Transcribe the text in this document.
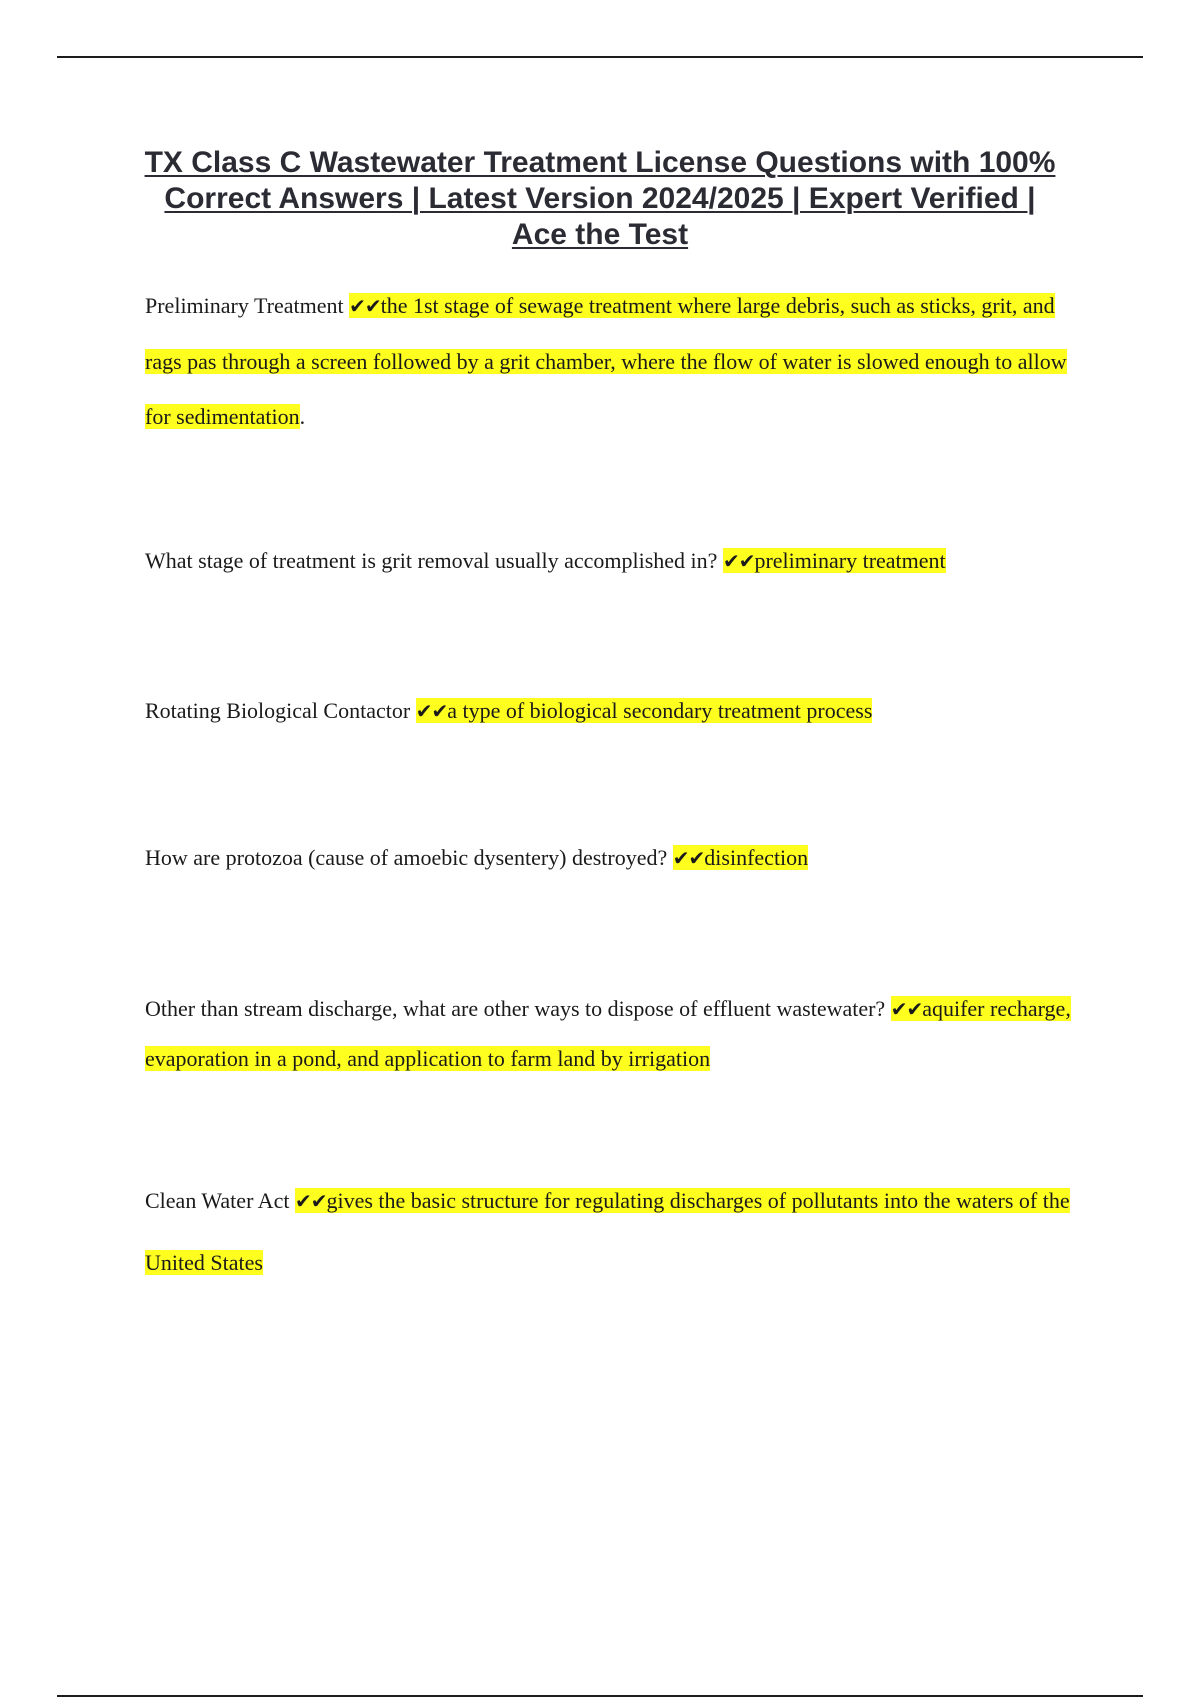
TX Class C Wastewater Treatment License Questions with 100% Correct Answers | Latest Version 2024/2025 | Expert Verified | Ace the Test

Preliminary Treatment ✔✔the 1st stage of sewage treatment where large debris, such as sticks, grit, and rags pas through a screen followed by a grit chamber, where the flow of water is slowed enough to allow for sedimentation.

What stage of treatment is grit removal usually accomplished in? ✔✔preliminary treatment

Rotating Biological Contactor ✔✔a type of biological secondary treatment process

How are protozoa (cause of amoebic dysentery) destroyed? ✔✔disinfection

Other than stream discharge, what are other ways to dispose of effluent wastewater? ✔✔aquifer recharge, evaporation in a pond, and application to farm land by irrigation

Clean Water Act ✔✔gives the basic structure for regulating discharges of pollutants into the waters of the United States
